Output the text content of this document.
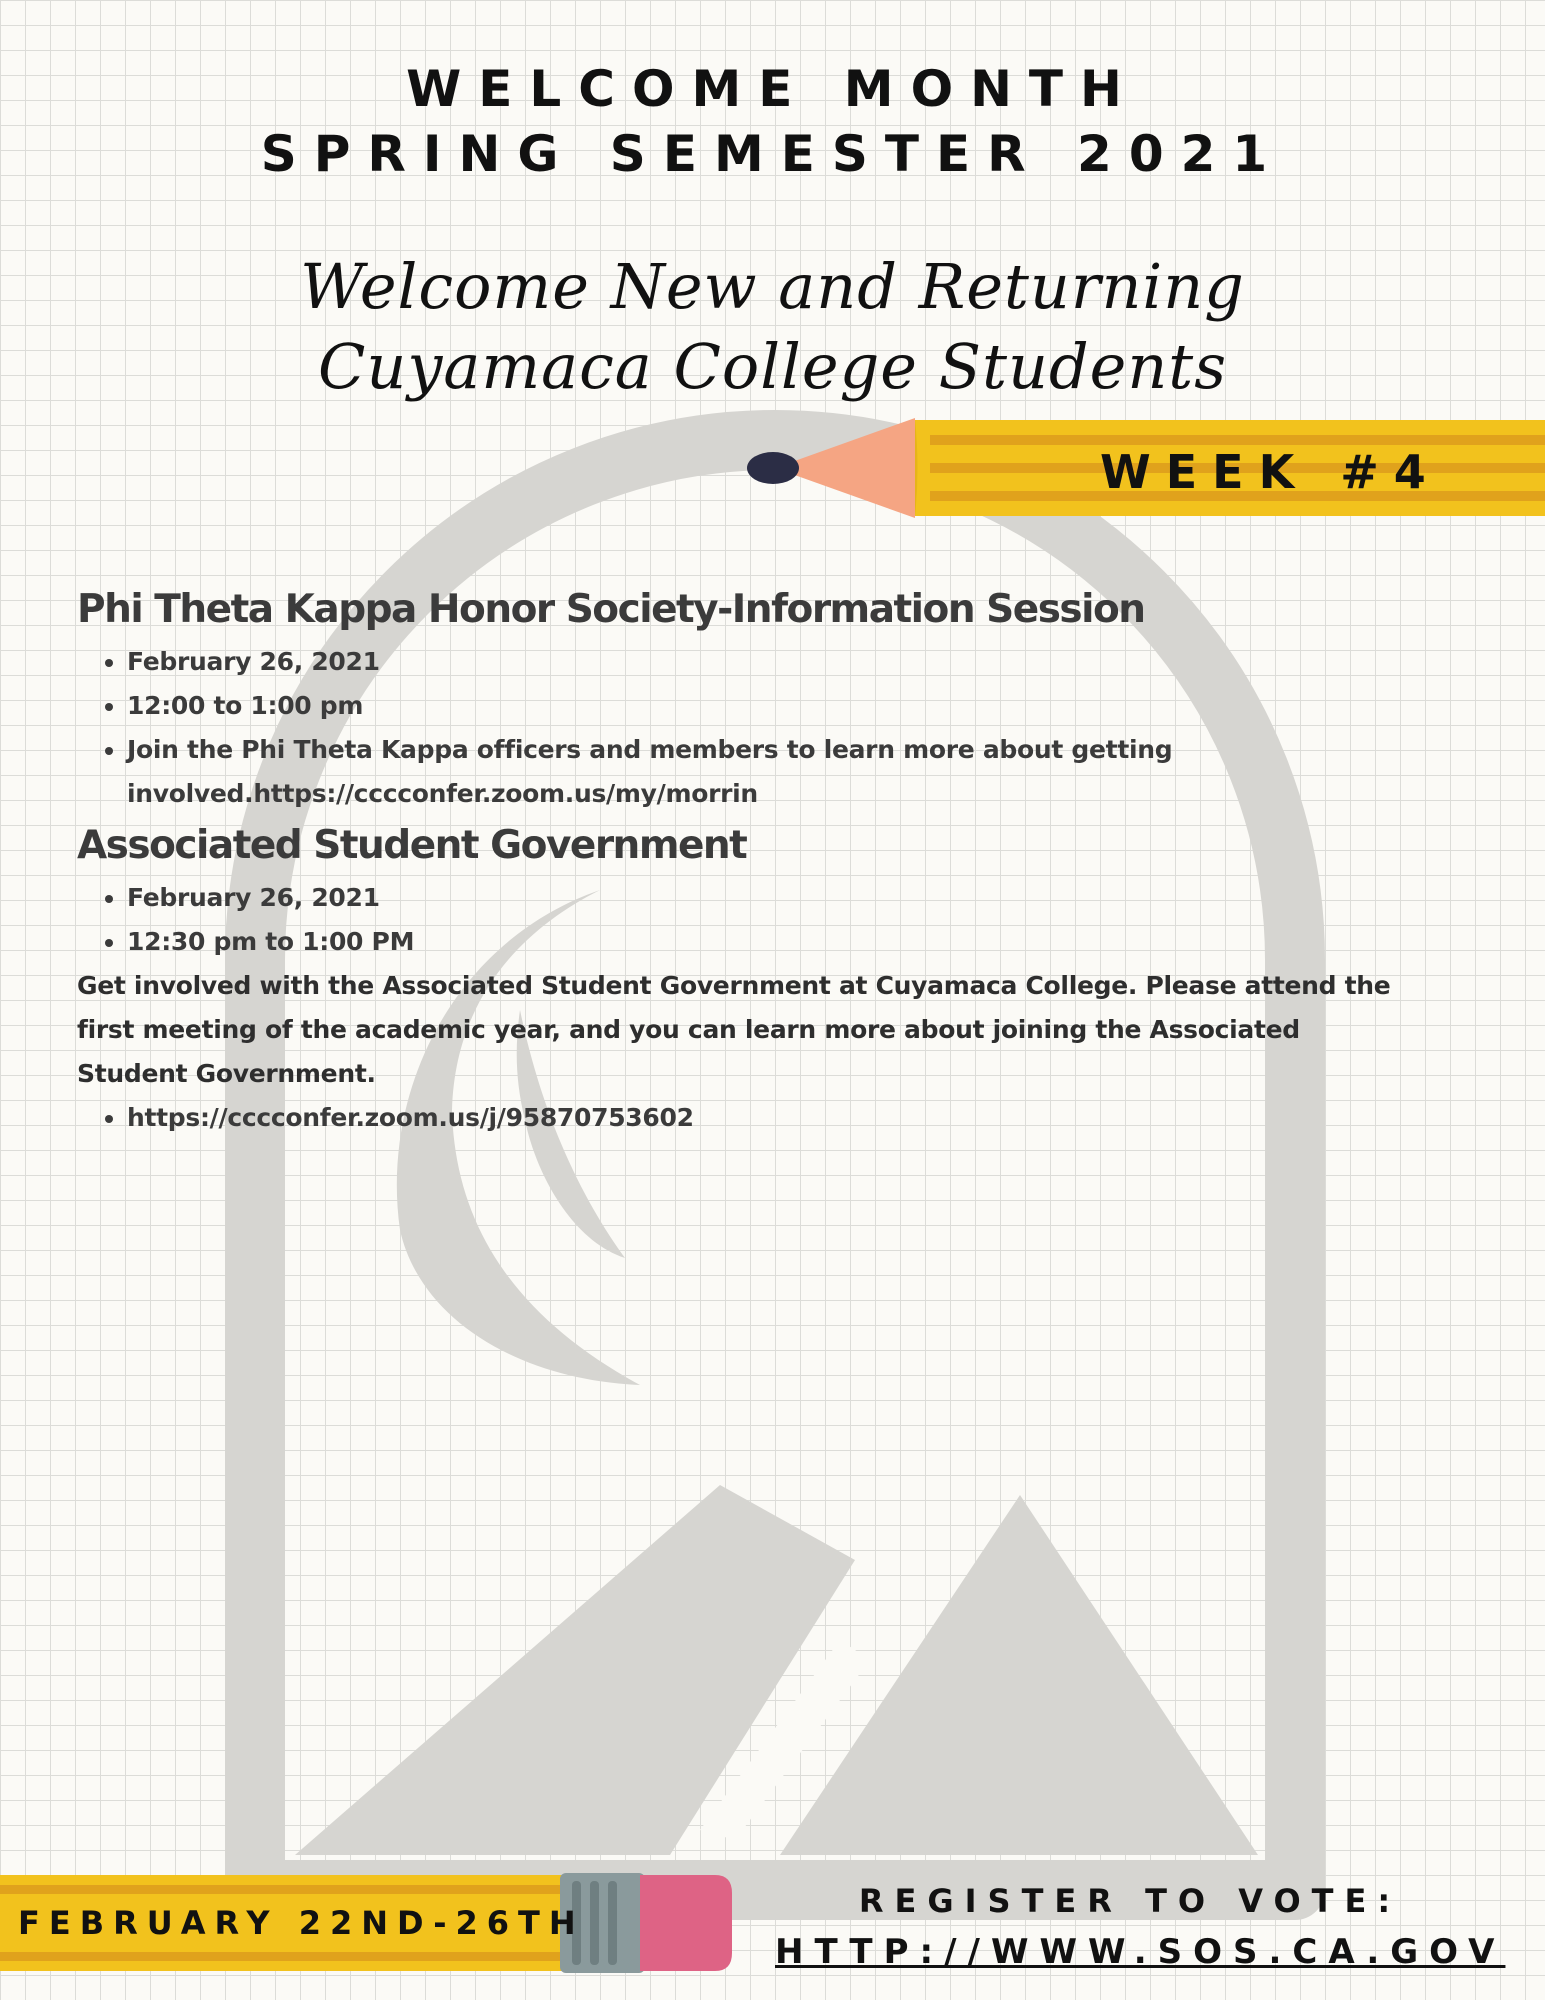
WELCOME MONTH
SPRING SEMESTER 2021
Welcome New and Returning
Cuyamaca College Students
WEEK #4
Phi Theta Kappa Honor Society-Information Session
• February 26, 2021
• 12:00 to 1:00 pm
• Join the Phi Theta Kappa officers and members to learn more about getting involved.https://cccconfer.zoom.us/my/morrin
Associated Student Government
• February 26, 2021
• 12:30 pm to 1:00 PM

Get involved with the Associated Student Government at Cuyamaca College. Please attend the first meeting of the academic year, and you can learn more about joining the Associated Student Government.

• https://cccconfer.zoom.us/j/95870753602
FEBRUARY 22ND-26TH
REGISTER TO VOTE:
HTTP://WWW.SOS.CA.GOV
